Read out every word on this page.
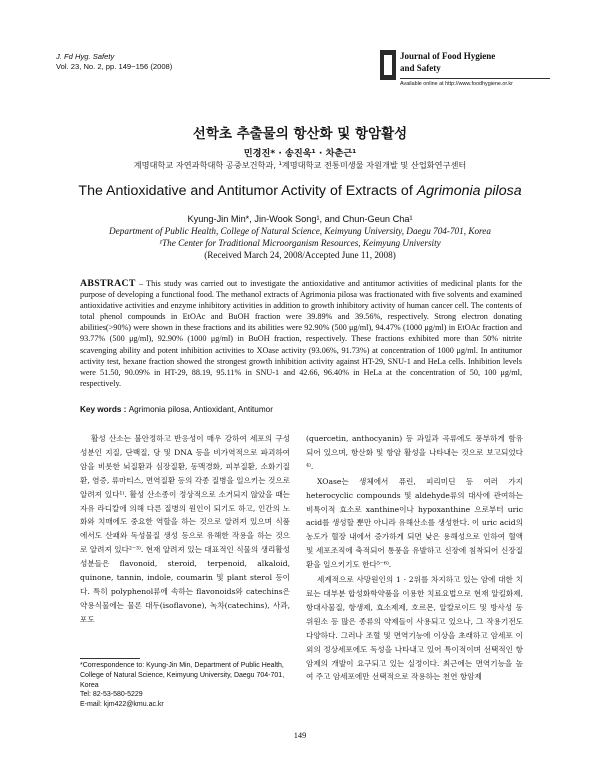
J. Fd Hyg. Safety
Vol. 23, No. 2, pp. 149~156 (2008)
Journal of Food Hygiene
and Safety
Available online at http://www.foodhygiene.or.kr
선학초 추출물의 항산화 및 항암활성
민경진* · 송진욱¹ · 차춘근¹
계명대학교 자연과학대학 공중보건학과, ¹계명대학교 전통미생물 자원개발 및 산업화연구센터
The Antioxidative and Antitumor Activity of Extracts of Agrimonia pilosa
Kyung-Jin Min*, Jin-Wook Song¹, and Chun-Geun Cha¹
Department of Public Health, College of Natural Science, Keimyung University, Daegu 704-701, Korea
¹The Center for Traditional Microorganism Resources, Keimyung University
(Received March 24, 2008/Accepted June 11, 2008)
ABSTRACT – This study was carried out to investigate the antioxidative and antitumor activities of medicinal plants for the purpose of developing a functional food. The methanol extracts of Agrimonia pilosa was fractionated with five solvents and examined antioxidative activities and enzyme inhibitory activities in addition to growth inhibitory activity of human cancer cell. The contents of total phenol compounds in EtOAc and BuOH fraction were 39.89% and 39.56%, respectively. Strong electron donating abilities(>90%) were shown in these fractions and its abilities were 92.90% (500 μg/ml), 94.47% (1000 μg/ml) in EtOAc fraction and 93.77% (500 μg/ml), 92.90% (1000 μg/ml) in BuOH fraction, respectively. These fractions exhibited more than 50% nitrite scavenging ability and potent inhibition activities to XOase activity (93.06%, 91.73%) at concentration of 1000 μg/ml. In antitumor activity test, hexane fraction showed the strongest growth inhibition activity against HT-29, SNU-1 and HeLa cells. Inhibition levels were 51.50, 90.09% in HT-29, 88.19, 95.11% in SNU-1 and 42.66, 96.40% in HeLa at the concentration of 50, 100 μg/ml, respectively.
Key words : Agrimonia pilosa, Antioxidant, Antitumor

활성 산소는 불안정하고 반응성이 매우 강하여 세포의 구성 성분인 지질, 단백질, 당 및 DNA 등을 비가역적으로 파괴하여 암을 비롯한 뇌질환과 심장질환, 동맥경화, 피부질환, 소화기질환, 염증, 류마티스, 면역질환 등의 각종 질병을 일으키는 것으로 알려져 있다¹⁾. 활성 산소종이 정상적으로 소거되지 않았을 때는 자유 라디칼에 의해 다른 질병의 원인이 되기도 하고, 인간의 노화와 치매에도 중요한 역할을 하는 것으로 알려져 있으며 식품에서도 산패와 독성물질 생성 등으로 유해한 작용을 하는 것으로 알려져 있다²⁻³⁾. 현재 알려져 있는 대표적인 식물의 생리활성 성분들은 flavonoid, steroid, terpenoid, alkaloid, quinone, tannin, indole, coumarin 및 plant sterol 등이다. 특히 polyphenol류에 속하는 flavonoids와 catechins은 약용식물에는 물론 대두(isoflavone), 녹차(catechins), 사과, 포도

(quercetin, anthocyanin) 등 과일과 곡류에도 풍부하게 함유되어 있으며, 항산화 및 항암 활성을 나타내는 것으로 보고되었다⁴⁾.

XOase는 생체에서 퓨린, 피리미딘 등 여러 가지 heterocyclic compounds 및 aldehyde류의 대사에 관여하는 비특이적 효소로 xanthine이나 hypoxanthine 으로부터 uric acid를 생성할 뿐만 아니라 유해산소를 생성한다. 이 uric acid의 농도가 혈장 내에서 증가하게 되면 낮은 용해성으로 인하여 혈액 및 세포조직에 축적되어 통풍을 유발하고 신장에 침착되어 신장질환을 일으키기도 한다⁵⁻⁶⁾.

세계적으로 사망원인의 1 · 2위를 차지하고 있는 암에 대한 치료는 대부분 합성화학약품을 이용한 치료요법으로 현재 알킬화제, 항대사물질, 항생제, 효소제제, 호르몬, 알칼로이드 및 방사성 동위원소 등 많은 종류의 약제들이 사용되고 있으나, 그 작용기전도 다양하다. 그러나 조혈 및 면역기능에 이상을 초래하고 암세포 이외의 정상세포에도 독성을 나타내고 있어 특이적이며 선택적인 항암제의 개발이 요구되고 있는 실정이다. 최근에는 면역기능을 높여 주고 암세포에만 선택적으로 작용하는 천연 항암제

*Correspondence to: Kyung-Jin Min, Department of Public Health, College of Natural Science, Keimyung University, Daegu 704-701, Korea
Tel: 82-53-580-5229
E-mail: kjm422@kmu.ac.kr
149
